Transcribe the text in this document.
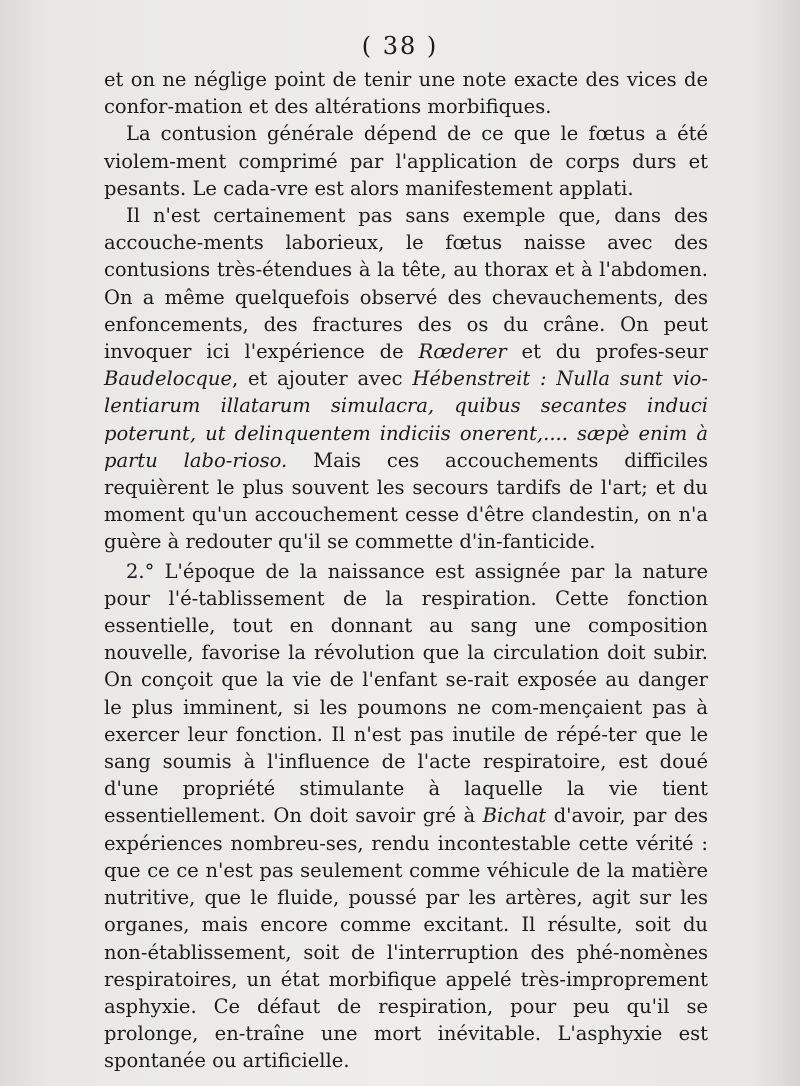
( 38 )

et on ne néglige point de tenir une note exacte des vices de confor-mation et des altérations morbifiques.

La contusion générale dépend de ce que le fœtus a été violem-ment comprimé par l'application de corps durs et pesants. Le cada-vre est alors manifestement applati.

Il n'est certainement pas sans exemple que, dans des accouche-ments laborieux, le fœtus naisse avec des contusions très-étendues à la tête, au thorax et à l'abdomen. On a même quelquefois observé des chevauchements, des enfoncements, des fractures des os du crâne. On peut invoquer ici l'expérience de Rœderer et du profes-seur Baudelocque, et ajouter avec Hébenstreit : Nulla sunt vio-lentiarum illatarum simulacra, quibus secantes induci poterunt, ut delinquentem indiciis onerent,.... sæpè enim à partu labo-rioso. Mais ces accouchements difficiles requièrent le plus souvent les secours tardifs de l'art; et du moment qu'un accouchement cesse d'être clandestin, on n'a guère à redouter qu'il se commette d'in-fanticide.

2.° L'époque de la naissance est assignée par la nature pour l'é-tablissement de la respiration. Cette fonction essentielle, tout en donnant au sang une composition nouvelle, favorise la révolution que la circulation doit subir. On conçoit que la vie de l'enfant se-rait exposée au danger le plus imminent, si les poumons ne com-mençaient pas à exercer leur fonction. Il n'est pas inutile de répé-ter que le sang soumis à l'influence de l'acte respiratoire, est doué d'une propriété stimulante à laquelle la vie tient essentiellement. On doit savoir gré à Bichat d'avoir, par des expériences nombreu-ses, rendu incontestable cette vérité : que ce ce n'est pas seulement comme véhicule de la matière nutritive, que le fluide, poussé par les artères, agit sur les organes, mais encore comme excitant. Il résulte, soit du non-établissement, soit de l'interruption des phé-nomènes respiratoires, un état morbifique appelé très-improprement asphyxie. Ce défaut de respiration, pour peu qu'il se prolonge, en-traîne une mort inévitable. L'asphyxie est spontanée ou artificielle.
